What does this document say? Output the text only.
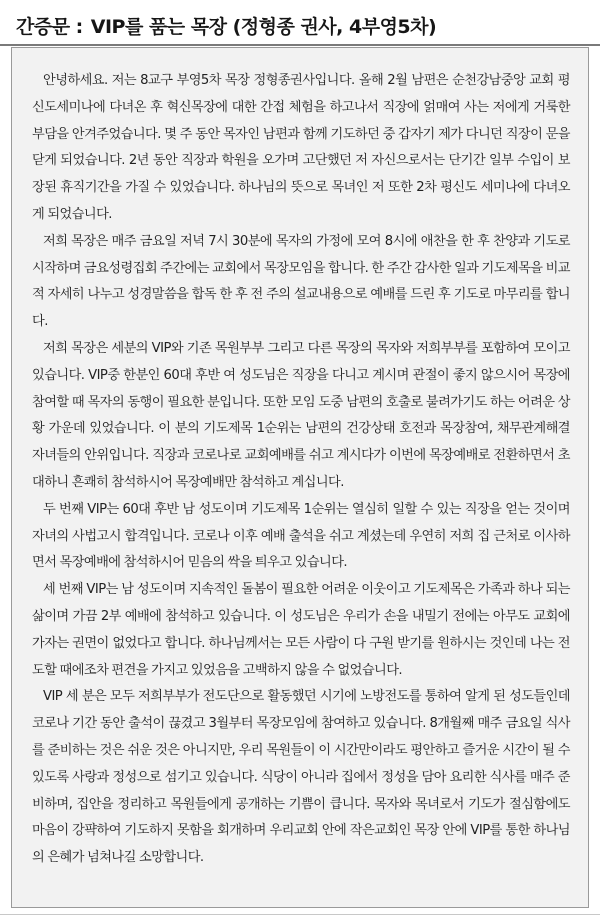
간증문 : VIP를 품는 목장 (정형종 권사, 4부영5차)

안녕하세요. 저는 8교구 부영5차 목장 정형종권사입니다. 올해 2월 남편은 순천강남중앙 교회 평신도세미나에 다녀온 후 혁신목장에 대한 간접 체험을 하고나서 직장에 얽매여 사는 저에게 거룩한 부담을 안겨주었습니다. 몇 주 동안 목자인 남편과 함께 기도하던 중 갑자기 제가 다니던 직장이 문을 닫게 되었습니다. 2년 동안 직장과 학원을 오가며 고단했던 저 자신으로서는 단기간 일부 수입이 보장된 휴직기간을 가질 수 있었습니다. 하나님의 뜻으로 목녀인 저 또한 2차 평신도 세미나에 다녀오게 되었습니다.

저희 목장은 매주 금요일 저녁 7시 30분에 목자의 가정에 모여 8시에 애찬을 한 후 찬양과 기도로 시작하며 금요성령집회 주간에는 교회에서 목장모임을 합니다. 한 주간 감사한 일과 기도제목을 비교적 자세히 나누고 성경말씀을 합독 한 후 전 주의 설교내용으로 예배를 드린 후 기도로 마무리를 합니다.

저희 목장은 세분의 VIP와 기존 목원부부 그리고 다른 목장의 목자와 저희부부를 포함하여 모이고 있습니다. VIP중 한분인 60대 후반 여 성도님은 직장을 다니고 계시며 관절이 좋지 않으시어 목장에 참여할 때 목자의 동행이 필요한 분입니다. 또한 모임 도중 남편의 호출로 불려가기도 하는 어려운 상황 가운데 있었습니다. 이 분의 기도제목 1순위는 남편의 건강상태 호전과 목장참여, 채무관계해결 자녀들의 안위입니다. 직장과 코로나로 교회예배를 쉬고 계시다가 이번에 목장예배로 전환하면서 초대하니 흔쾌히 참석하시어 목장예배만 참석하고 계십니다.

두 번째 VIP는 60대 후반 남 성도이며 기도제목 1순위는 열심히 일할 수 있는 직장을 얻는 것이며 자녀의 사법고시 합격입니다. 코로나 이후 예배 출석을 쉬고 계셨는데 우연히 저희 집 근처로 이사하면서 목장예배에 참석하시어 믿음의 싹을 틔우고 있습니다.

세 번째 VIP는 남 성도이며 지속적인 돌봄이 필요한 어려운 이웃이고 기도제목은 가족과 하나 되는 삶이며 가끔 2부 예배에 참석하고 있습니다. 이 성도님은 우리가 손을 내밀기 전에는 아무도 교회에 가자는 권면이 없었다고 합니다. 하나님께서는 모든 사람이 다 구원 받기를 원하시는 것인데 나는 전도할 때에조차 편견을 가지고 있었음을 고백하지 않을 수 없었습니다.

VIP 세 분은 모두 저희부부가 전도단으로 활동했던 시기에 노방전도를 통하여 알게 된 성도들인데 코로나 기간 동안 출석이 끊겼고 3월부터 목장모임에 참여하고 있습니다. 8개월째 매주 금요일 식사를 준비하는 것은 쉬운 것은 아니지만, 우리 목원들이 이 시간만이라도 평안하고 즐거운 시간이 될 수 있도록 사랑과 정성으로 섬기고 있습니다. 식당이 아니라 집에서 정성을 담아 요리한 식사를 매주 준비하며, 집안을 정리하고 목원들에게 공개하는 기쁨이 큽니다. 목자와 목녀로서 기도가 절심함에도 마음이 강퍅하여 기도하지 못함을 회개하며 우리교회 안에 작은교회인 목장 안에 VIP를 통한 하나님의 은혜가 넘쳐나길 소망합니다.
